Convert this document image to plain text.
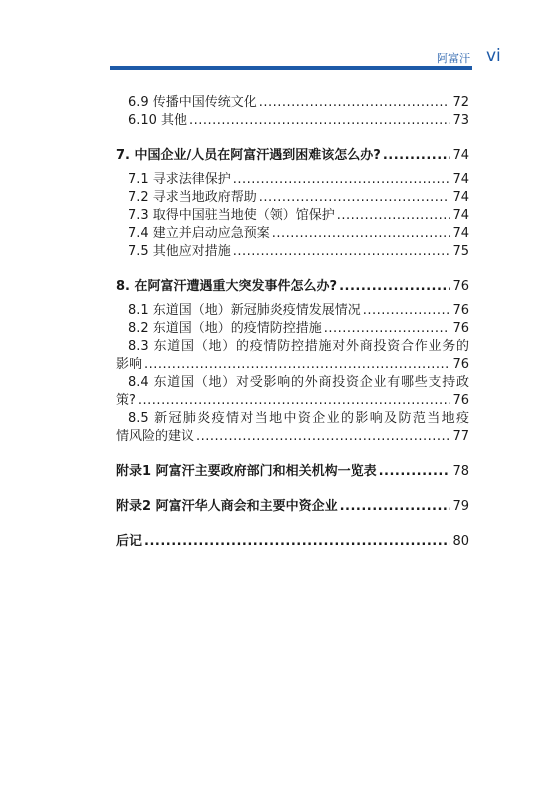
阿富汗 vi
6.9 传播中国传统文化 .....	72
6.10 其他 .....	73
7. 中国企业/人员在阿富汗遇到困难该怎么办? .....	74
7.1 寻求法律保护 .....	74
7.2 寻求当地政府帮助 .....	74
7.3 取得中国驻当地使（领）馆保护 .....	74
7.4 建立并启动应急预案 .....	74
7.5 其他应对措施 .....	75
8. 在阿富汗遭遇重大突发事件怎么办? .....	76
8.1 东道国（地）新冠肺炎疫情发展情况 .....	76
8.2 东道国（地）的疫情防控措施 .....	76
8.3 东道国（地）的疫情防控措施对外商投资合作业务的
影响 .....	76
8.4 东道国（地）对受影响的外商投资企业有哪些支持政
策? .....	76
8.5 新冠肺炎疫情对当地中资企业的影响及防范当地疫
情风险的建议 .....	77
附录1 阿富汗主要政府部门和相关机构一览表 .....	78
附录2 阿富汗华人商会和主要中资企业 .....	79
后记 .....	80
